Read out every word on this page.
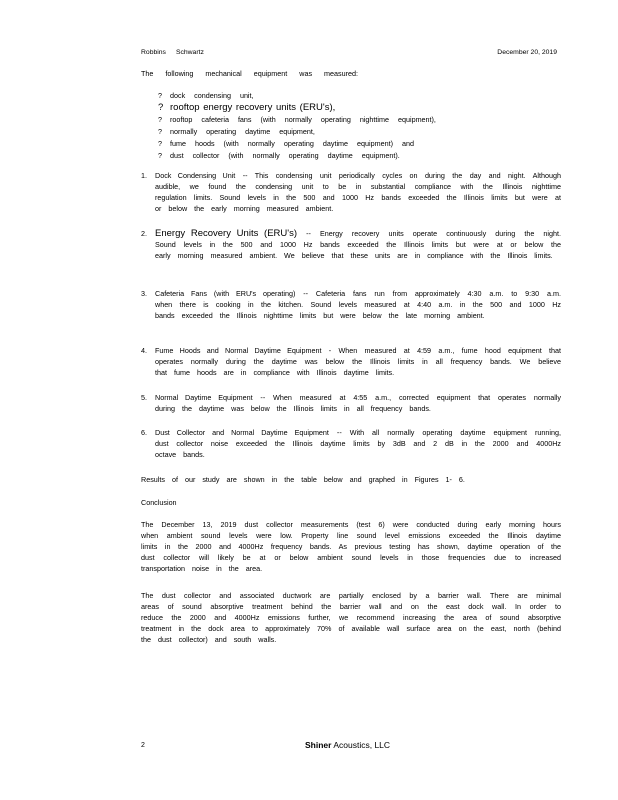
Robbins Schwartz	December 20, 2019
The following mechanical equipment was measured:
? dock condensing unit,
? rooftop energy recovery units (ERU's),
? rooftop cafeteria fans (with normally operating nighttime equipment),
? normally operating daytime equipment,
? fume hoods (with normally operating daytime equipment) and
? dust collector (with normally operating daytime equipment).
1. Dock Condensing Unit -- This condensing unit periodically cycles on during the day and night. Although audible, we found the condensing unit to be in substantial compliance with the Illinois nighttime regulation limits. Sound levels in the 500 and 1000 Hz bands exceeded the Illinois limits but were at or below the early morning measured ambient.
2. Energy Recovery Units (ERU's) -- Energy recovery units operate continuously during the night. Sound levels in the 500 and 1000 Hz bands exceeded the Illinois limits but were at or below the early morning measured ambient. We believe that these units are in compliance with the Illinois limits.
3. Cafeteria Fans (with ERU's operating) -- Cafeteria fans run from approximately 4:30 a.m. to 9:30 a.m. when there is cooking in the kitchen. Sound levels measured at 4:40 a.m. in the 500 and 1000 Hz bands exceeded the Illinois nighttime limits but were below the late morning ambient.
4. Fume Hoods and Normal Daytime Equipment - When measured at 4:59 a.m., fume hood equipment that operates normally during the daytime was below the Illinois limits in all frequency bands. We believe that fume hoods are in compliance with Illinois daytime limits.
5. Normal Daytime Equipment -- When measured at 4:55 a.m., corrected equipment that operates normally during the daytime was below the Illinois limits in all frequency bands.
6. Dust Collector and Normal Daytime Equipment -- With all normally operating daytime equipment running, dust collector noise exceeded the Illinois daytime limits by 3dB and 2 dB in the 2000 and 4000Hz octave bands.
Results of our study are shown in the table below and graphed in Figures 1- 6.
Conclusion
The December 13, 2019 dust collector measurements (test 6) were conducted during early morning hours when ambient sound levels were low. Property line sound level emissions exceeded the Illinois daytime limits in the 2000 and 4000Hz frequency bands. As previous testing has shown, daytime operation of the dust collector will likely be at or below ambient sound levels in those frequencies due to increased transportation noise in the area.
The dust collector and associated ductwork are partially enclosed by a barrier wall. There are minimal areas of sound absorptive treatment behind the barrier wall and on the east dock wall. In order to reduce the 2000 and 4000Hz emissions further, we recommend increasing the area of sound absorptive treatment in the dock area to approximately 70% of available wall surface area on the east, north (behind the dust collector) and south walls.
2	Shiner Acoustics, LLC
